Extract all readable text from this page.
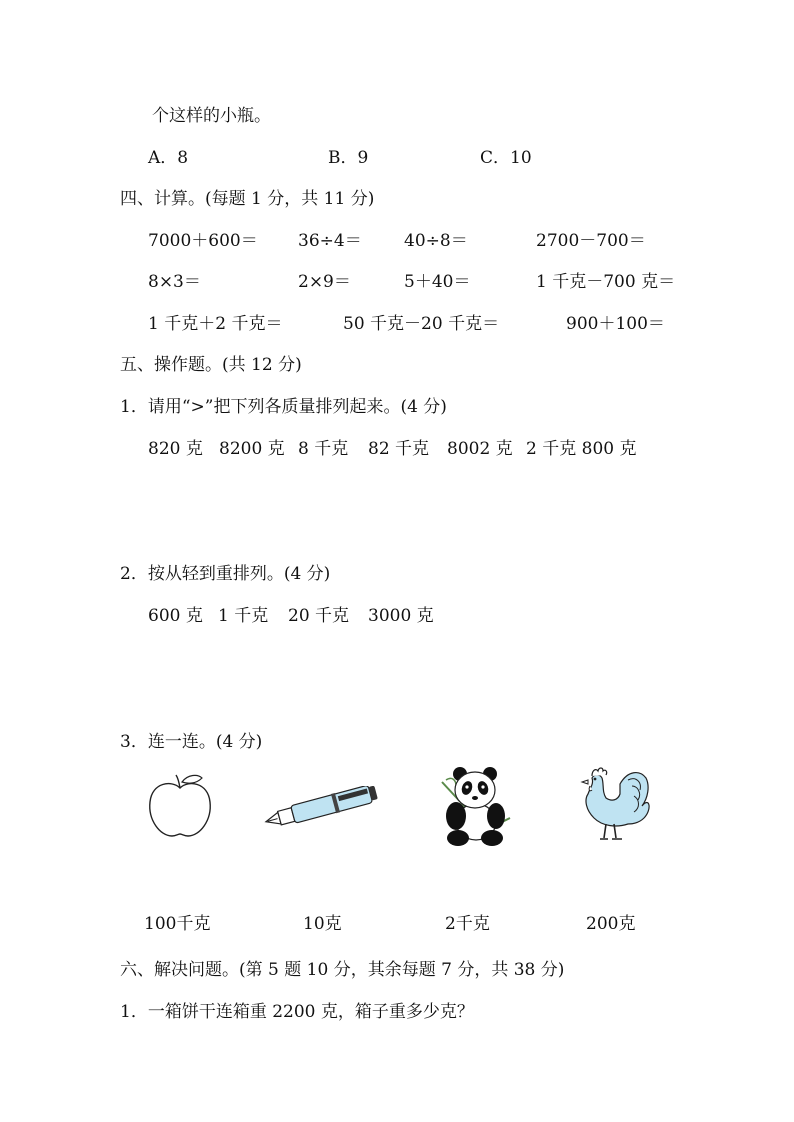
个这样的小瓶。
A．8	B．9	C．10
四、计算。(每题 1 分，共 11 分)
7000＋600＝ 36÷4＝ 40÷8＝	2700－700＝
8×3＝	2×9＝	5＋40＝	1 千克－700 克＝
1 千克＋2 千克＝	50 千克－20 千克＝	900＋100＝
五、操作题。(共 12 分)
1．请用“>”把下列各质量排列起来。(4 分)
820 克 8200 克 8 千克 82 千克 8002 克 2 千克 800 克
2．按从轻到重排列。(4 分)
600 克 1 千克 20 千克 3000 克
3．连一连。(4 分)
100千克	10克	2千克	200克
六、解决问题。(第 5 题 10 分，其余每题 7 分，共 38 分)
1．一箱饼干连箱重 2200 克，箱子重多少克？
